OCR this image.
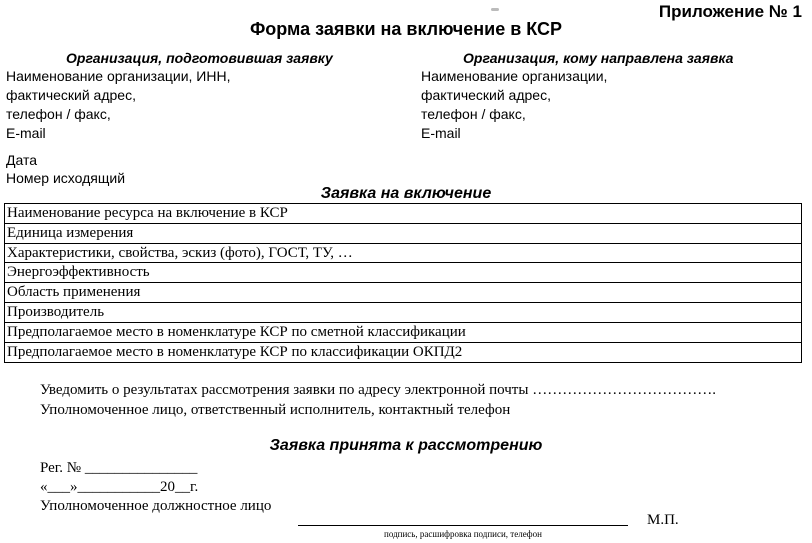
Приложение № 1
Форма заявки на включение в КСР
Организация, подготовившая заявку
Наименование организации, ИНН,
фактический адрес,
телефон / факс,
E-mail
Организация, кому направлена заявка
Наименование организации,
фактический адрес,
телефон / факс,
E-mail
Дата
Номер исходящий
Заявка на включение
Наименование ресурса на включение в КСР
Единица измерения
Характеристики, свойства, эскиз (фото), ГОСТ, ТУ, …
Энергоэффективность
Область применения
Производитель
Предполагаемое место в номенклатуре КСР по сметной классификации
Предполагаемое место в номенклатуре КСР по классификации ОКПД2
Уведомить о результатах рассмотрения заявки по адресу электронной почты ……………………………….
Уполномоченное лицо, ответственный исполнитель, контактный телефон
Заявка принята к рассмотрению
Рег. № _______________
«___»___________20__г.
Уполномоченное должностное лицо
подпись, расшифровка подписи, телефон
М.П.
